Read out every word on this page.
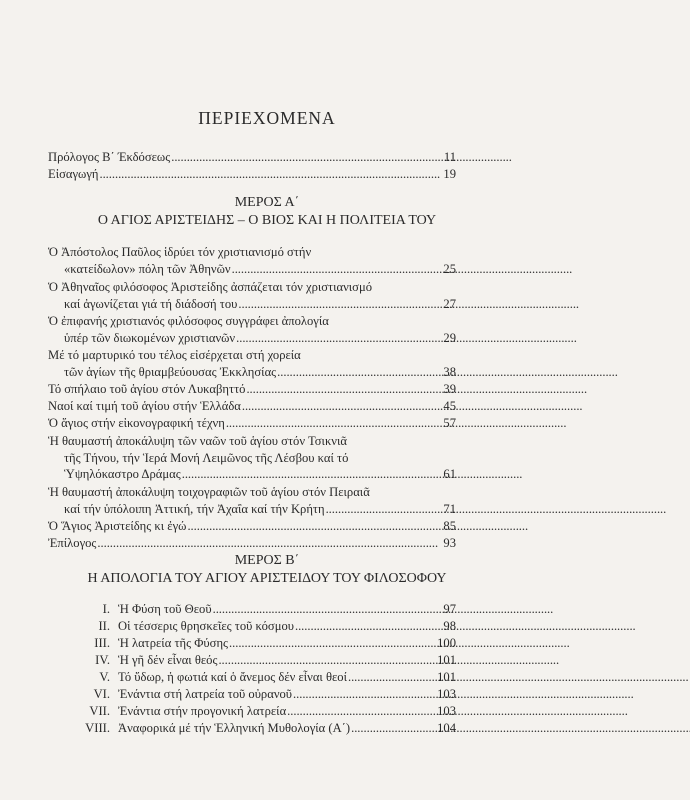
ΠΕΡΙΕΧΟΜΕΝΑ
Πρόλογος Β΄ Έκδόσεως . . .	11
Εἰσαγωγή . . .	19
ΜΕΡΟΣ Α΄
Ο ΑΓΙΟΣ ΑΡΙΣΤΕΙΔΗΣ – Ο ΒΙΟΣ ΚΑΙ Η ΠΟΛΙΤΕΙΑ ΤΟΥ
Ὁ Ἀπόστολος Παῦλος ἱδρύει τόν χριστιανισμό στήν
«κατείδωλον» πόλη τῶν Ἀθηνῶν . . .	25
Ὁ Ἀθηναῖος φιλόσοφος Ἀριστείδης ἀσπάζεται τόν χριστιανισμό
καί ἀγωνίζεται γιά τή διάδοσή του . . .	27
Ὁ ἐπιφανής χριστιανός φιλόσοφος συγγράφει ἀπολογία
ὑπέρ τῶν διωκομένων χριστιανῶν . . .	29
Μέ τό μαρτυρικό του τέλος εἰσέρχεται στή χορεία
τῶν ἁγίων τῆς θριαμβεύουσας Ἐκκλησίας . . .	38
Τό σπήλαιο τοῦ ἁγίου στόν Λυκαβηττό . . .	39
Ναοί καί τιμή τοῦ ἁγίου στήν Ἑλλάδα . . .	45
Ὁ ἅγιος στήν εἰκονογραφική τέχνη . . .	57
Ἡ θαυμαστή ἀποκάλυψη τῶν ναῶν τοῦ ἁγίου στόν Τσικνιᾶ
τῆς Τήνου, τήν Ἱερά Μονή Λειμῶνος τῆς Λέσβου καί τό
Ὑψηλόκαστρο Δράμας . . .	61
Ἡ θαυμαστή ἀποκάλυψη τοιχογραφιῶν τοῦ ἁγίου στόν Πειραιᾶ
καί τήν ὑπόλοιπη Ἀττική, τήν Ἀχαΐα καί τήν Κρήτη . . .	71
Ὁ Ἅγιος Ἀριστείδης κι ἐγώ . . .	85
Ἐπίλογος . . .	93
ΜΕΡΟΣ Β΄
Η ΑΠΟΛΟΓΙΑ ΤΟΥ ΑΓΙΟΥ ΑΡΙΣΤΕΙΔΟΥ ΤΟΥ ΦΙΛΟΣΟΦΟΥ
I. Ἡ Φύση τοῦ Θεοῦ . . .	97
II. Οἱ τέσσερις θρησκεῖες τοῦ κόσμου . . .	98
III. Ἡ λατρεία τῆς Φύσης . . .	100
IV. Ἡ γῆ δέν εἶναι θεός . . .	101
V. Τό ὕδωρ, ἡ φωτιά καί ὁ ἄνεμος δέν εἶναι θεοί . . .	101
VI. Ἐνάντια στή λατρεία τοῦ οὐρανοῦ . . .	103
VII. Ἐνάντια στήν προγονική λατρεία . . .	103
VIII. Ἀναφορικά μέ τήν Ἑλληνική Μυθολογία (Α΄) . . .	104
